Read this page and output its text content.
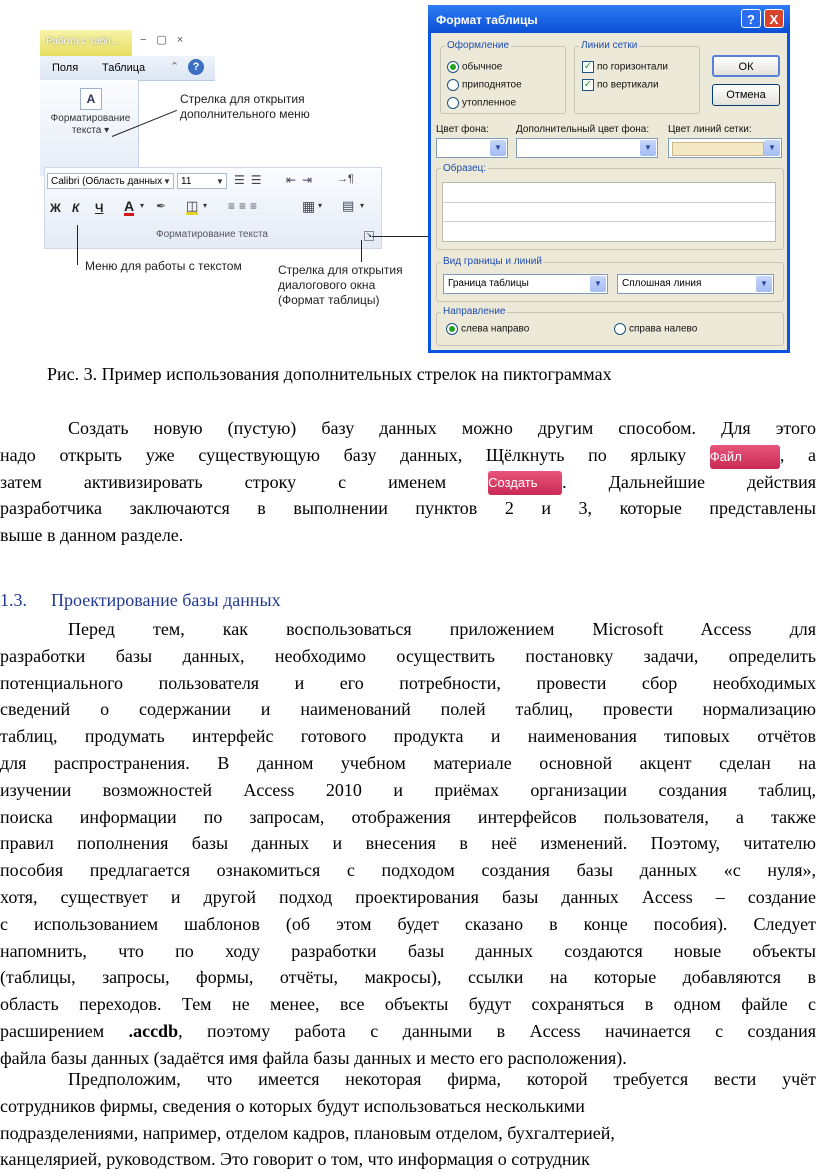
Работа с табл...	−▢×
Поля Таблица ⌃	?
A
Форматирование текста ▾
Стрелка для открытия дополнительного меню
Calibri (Область данных ▼	11	▼ ☰☰ ⇤⇥ →¶
Ж К Ч A ▾ ✒ ◫ ▾ ≡≡≡	▦ ▾ ▤ ▾
Форматирование текста	↘
Меню для работы с текстом	Стрелка для открытия диалогового окна (Формат таблицы)
Формат таблицы	?	X
Оформление
обычное
приподнятое
утопленное
Линии сетки
✓ по горизонтали
✓ по вертикали
ОК
Отмена
Цвет фона:	Дополнительный цвет фона: Цвет линий сетки:
▼	▼	▼
Образец:
Вид границы и линий
Граница таблицы	▼	Сплошная линия	▼
Направление
слева направо	справа налево
Рис. 3. Пример использования дополнительных стрелок на пиктограммах
Создать новую (пустую) базу данных можно другим способом. Для этого
надо открыть уже существующую базу данных, Щёлкнуть по ярлыку Файл , а
затем активизировать строку с именем	Создать . Дальнейшие действия
разработчика заключаются в выполнении пунктов 2 и 3, которые представлены
выше в данном разделе.
1.3. Проектирование базы данных
Перед тем, как воспользоваться приложением Microsoft Access для
разработки базы данных, необходимо осуществить постановку задачи, определить
потенциального пользователя и его потребности, провести сбор необходимых
сведений о содержании и наименований полей таблиц, провести нормализацию
таблиц, продумать интерфейс готового продукта и наименования типовых отчётов
для распространения. В данном учебном материале основной акцент сделан на
изучении возможностей Access 2010 и приёмах организации создания таблиц,
поиска информации по запросам, отображения интерфейсов пользователя, а также
правил пополнения базы данных и внесения в неё изменений. Поэтому, читателю
пособия предлагается ознакомиться с подходом создания базы данных «с нуля»,
хотя, существует и другой подход проектирования базы данных Access – создание
с использованием шаблонов (об этом будет сказано в конце пособия). Следует
напомнить, что по ходу разработки базы данных создаются новые объекты
(таблицы, запросы, формы, отчёты, макросы), ссылки на которые добавляются в
область переходов. Тем не менее, все объекты будут сохраняться в одном файле с
расширением .accdb, поэтому работа с данными в Access начинается с создания
файла базы данных (задаётся имя файла базы данных и место его расположения).
Предположим, что имеется некоторая фирма, которой требуется вести учёт
сотрудников фирмы, сведения о которых будут использоваться несколькими
подразделениями, например, отделом кадров, плановым отделом, бухгалтерией,
канцелярией, руководством. Это говорит о том, что информация о сотрудник
